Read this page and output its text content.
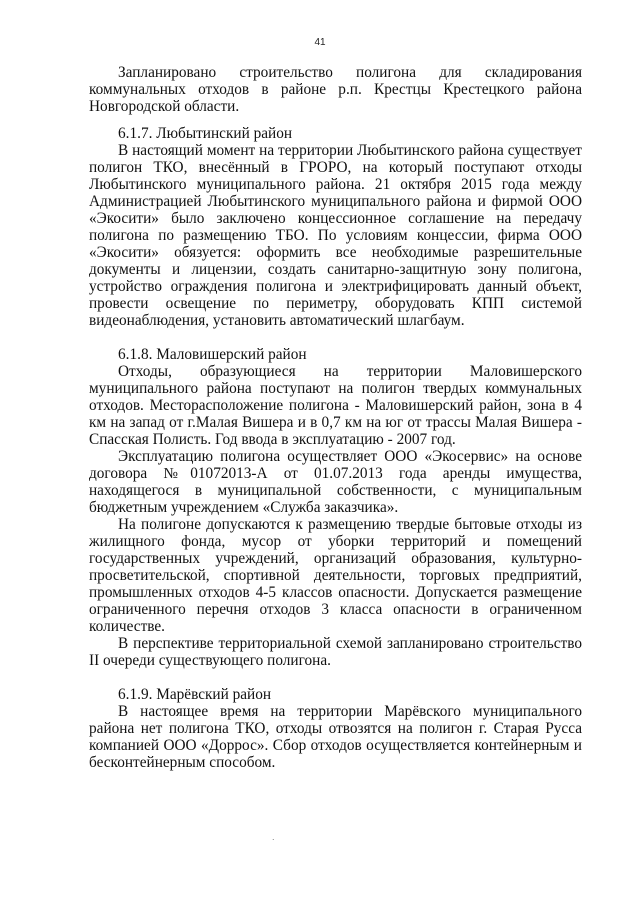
41

Запланировано строительство полигона для складирования коммунальных отходов в районе р.п. Крестцы Крестецкого района Новгородской области.

6.1.7. Любытинский район

В настоящий момент на территории Любытинского района существует полигон ТКО, внесённый в ГРОРО, на который поступают отходы Любытинского муниципального района. 21 октября 2015 года между Администрацией Любытинского муниципального района и фирмой ООО «Экосити» было заключено концессионное соглашение на передачу полигона по размещению ТБО. По условиям концессии, фирма ООО «Экосити» обязуется: оформить все необходимые разрешительные документы и лицензии, создать санитарно-защитную зону полигона, устройство ограждения полигона и электрифицировать данный объект, провести освещение по периметру, оборудовать КПП системой видеонаблюдения, установить автоматический шлагбаум.

6.1.8. Маловишерский район

Отходы, образующиеся на территории Маловишерского муниципального района поступают на полигон твердых коммунальных отходов. Месторасположение полигона - Маловишерский район, зона в 4 км на запад от г.Малая Вишера и в 0,7 км на юг от трассы Малая Вишера - Спасская Полисть. Год ввода в эксплуатацию - 2007 год.

Эксплуатацию полигона осуществляет ООО «Экосервис» на основе договора №01072013-А от 01.07.2013 года аренды имущества, находящегося в муниципальной собственности, с муниципальным бюджетным учреждением «Служба заказчика».

На полигоне допускаются к размещению твердые бытовые отходы из жилищного фонда, мусор от уборки территорий и помещений государственных учреждений, организаций образования, культурно-просветительской, спортивной деятельности, торговых предприятий, промышленных отходов 4-5 классов опасности. Допускается размещение ограниченного перечня отходов 3 класса опасности в ограниченном количестве.

В перспективе территориальной схемой запланировано строительство II очереди существующего полигона.

6.1.9. Марёвский район

В настоящее время на территории Марёвского муниципального района нет полигона ТКО, отходы отвозятся на полигон г. Старая Русса компанией ООО «Доррос». Сбор отходов осуществляется контейнерным и бесконтейнерным способом.

.
